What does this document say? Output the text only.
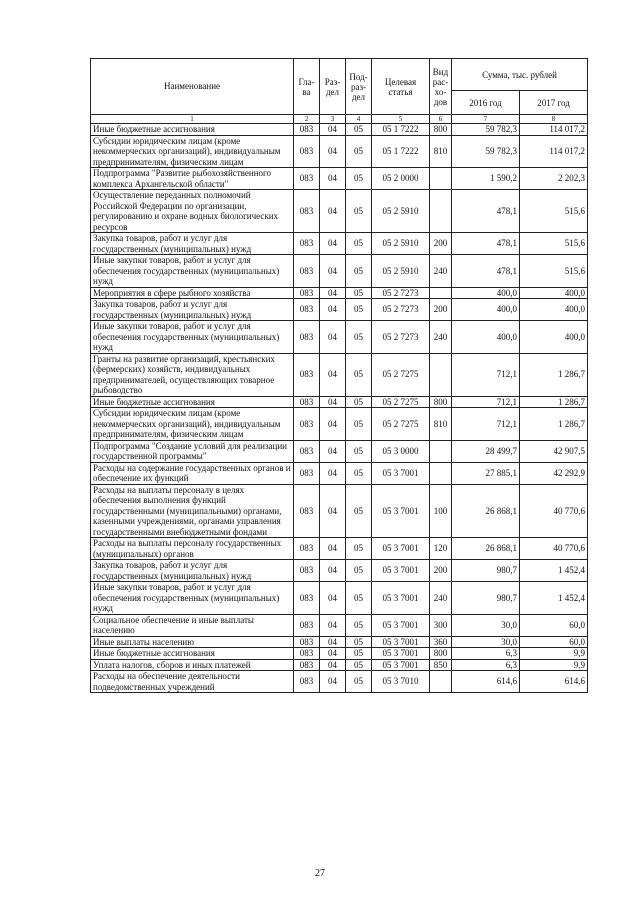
Наименование	Гла-ва	Раз-дел	Под-раз-дел	Целевая статья	Вид рас-хо-дов	Сумма, тыс. рублей	
						2016 год	2017 год
1	2	3	4	5	6	7	8
Иные бюджетные ассигнования	083	04	05	05 1 7222	800	59 782,3	114 017,2
Субсидии юридическим лицам (кроме некоммерческих организаций), индивидуальным предпринимателям, физическим лицам	083	04	05	05 1 7222	810	59 782,3	114 017,2
Подпрограмма "Развитие рыбохозяйственного комплекса Архангельской области"	083	04	05	05 2 0000		1 590,2	2 202,3
Осуществление переданных полномочий Российской Федерации по организации, регулированию и охране водных биологических ресурсов	083	04	05	05 2 5910		478,1	515,6
Закупка товаров, работ и услуг для государственных (муниципальных) нужд	083	04	05	05 2 5910	200	478,1	515,6
Иные закупки товаров, работ и услуг для обеспечения государственных (муниципальных) нужд	083	04	05	05 2 5910	240	478,1	515,6
Мероприятия в сфере рыбного хозяйства	083	04	05	05 2 7273		400,0	400,0
Закупка товаров, работ и услуг для государственных (муниципальных) нужд	083	04	05	05 2 7273	200	400,0	400,0
Иные закупки товаров, работ и услуг для обеспечения государственных (муниципальных) нужд	083	04	05	05 2 7273	240	400,0	400,0
Гранты на развитие организаций, крестьянских (фермерских) хозяйств, индивидуальных предпринимателей, осуществляющих товарное рыбоводство	083	04	05	05 2 7275		712,1	1 286,7
Иные бюджетные ассигнования	083	04	05	05 2 7275	800	712,1	1 286,7
Субсидии юридическим лицам (кроме некоммерческих организаций), индивидуальным предпринимателям, физическим лицам	083	04	05	05 2 7275	810	712,1	1 286,7
Подпрограмма "Создание условий для реализации государственной программы"	083	04	05	05 3 0000		28 499,7	42 907,5
Расходы на содержание государственных органов и обеспечение их функций	083	04	05	05 3 7001		27 885,1	42 292,9
Расходы на выплаты персоналу в целях обеспечения выполнения функций государственными (муниципальными) органами, казенными учреждениями, органами управления государственными внебюджетными фондами	083	04	05	05 3 7001	100	26 868,1	40 770,6
Расходы на выплаты персоналу государственных (муниципальных) органов	083	04	05	05 3 7001	120	26 868,1	40 770,6
Закупка товаров, работ и услуг для государственных (муниципальных) нужд	083	04	05	05 3 7001	200	980,7	1 452,4
Иные закупки товаров, работ и услуг для обеспечения государственных (муниципальных) нужд	083	04	05	05 3 7001	240	980,7	1 452,4
Социальное обеспечение и иные выплаты населению	083	04	05	05 3 7001	300	30,0	60,0
Иные выплаты населению	083	04	05	05 3 7001	360	30,0	60,0
Иные бюджетные ассигнования	083	04	05	05 3 7001	800	6,3	9,9
Уплата налогов, сборов и иных платежей	083	04	05	05 3 7001	850	6,3	9,9
Расходы на обеспечение деятельности подведомственных учреждений	083	04	05	05 3 7010		614,6	614,6
27
